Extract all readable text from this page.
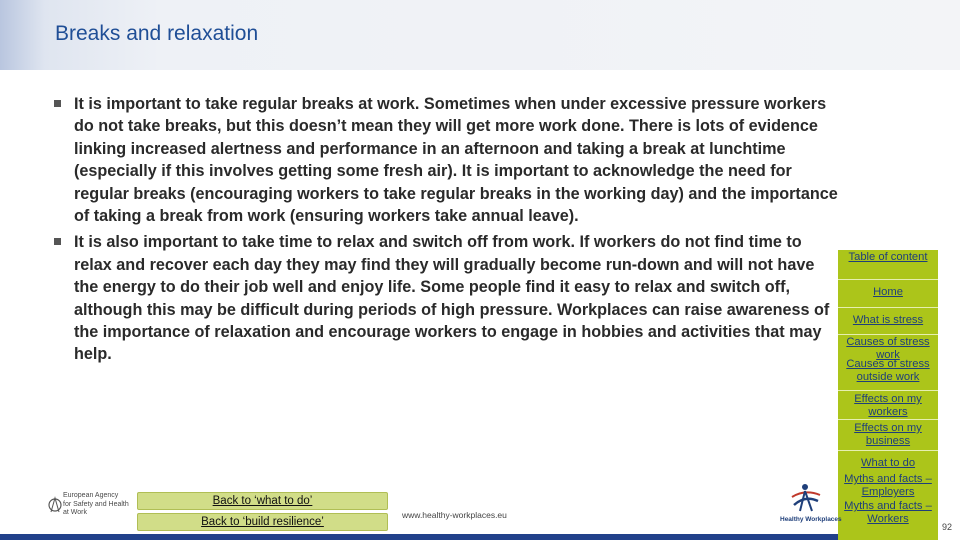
Breaks and relaxation
It is important to take regular breaks at work. Sometimes when under excessive pressure workers do not take breaks, but this doesn’t mean they will get more work done. There is lots of evidence linking increased alertness and performance in an afternoon and taking a break at lunchtime (especially if this involves getting some fresh air). It is important to acknowledge the need for regular breaks (encouraging workers to take regular breaks in the working day) and the importance of taking a break from work (ensuring workers take annual leave).
It is also important to take time to relax and switch off from work. If workers do not find time to relax and recover each day they may find they will gradually become run-down and will not have the energy to do their job well and enjoy life. Some people find it easy to relax and switch off, although this may be difficult during periods of high pressure. Workplaces can raise awareness of the importance of relaxation and encourage workers to engage in hobbies and activities that may help.
Table of content
Home
What is stress
Causes of stress work
Causes of stress outside work
Effects on my workers
Effects on my business
What to do
Myths and facts – Employers
Myths and facts – Workers
European Agency
for Safety and Health
at Work
Back to ‘what to do’
Back to ‘build resilience’
www.healthy-workplaces.eu	Healthy Workplaces
92
